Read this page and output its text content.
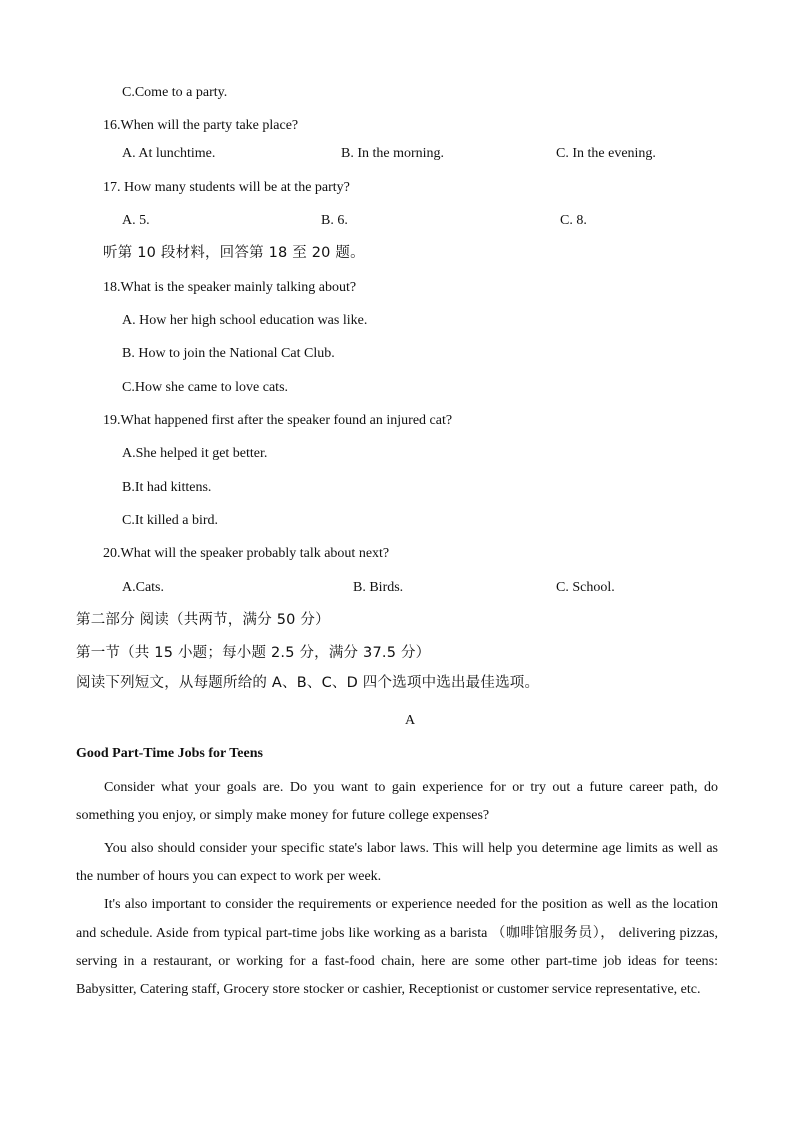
C.Come to a party.
16.When will the party take place?
A. At lunchtime.	B. In the morning.	C. In the evening.
17. How many students will be at the party?
A. 5.	B. 6.	C. 8.
听第 10 段材料，回答第 18 至 20 题。
18.What is the speaker mainly talking about?
A. How her high school education was like.
B. How to join the National Cat Club.
C.How she came to love cats.
19.What happened first after the speaker found an injured cat?
A.She helped it get better.
B.It had kittens.
C.It killed a bird.
20.What will the speaker probably talk about next?
A.Cats.	B. Birds.	C. School.
第二部分 阅读（共两节，满分 50 分）
第一节（共 15 小题；每小题 2.5 分，满分 37.5 分）
阅读下列短文，从每题所给的 A、B、C、D 四个选项中选出最佳选项。
A
Good Part-Time Jobs for Teens
Consider what your goals are. Do you want to gain experience for or try out a future career path, do something you enjoy, or simply make money for future college expenses?
You also should consider your specific state's labor laws. This will help you determine age limits as well as the number of hours you can expect to work per week.
It's also important to consider the requirements or experience needed for the position as well as the location and schedule. Aside from typical part-time jobs like working as a barista （咖啡馆服务员）， delivering pizzas, serving in a restaurant, or working for a fast-food chain, here are some other part-time job ideas for teens: Babysitter, Catering staff, Grocery store stocker or cashier, Receptionist or customer service representative, etc.
